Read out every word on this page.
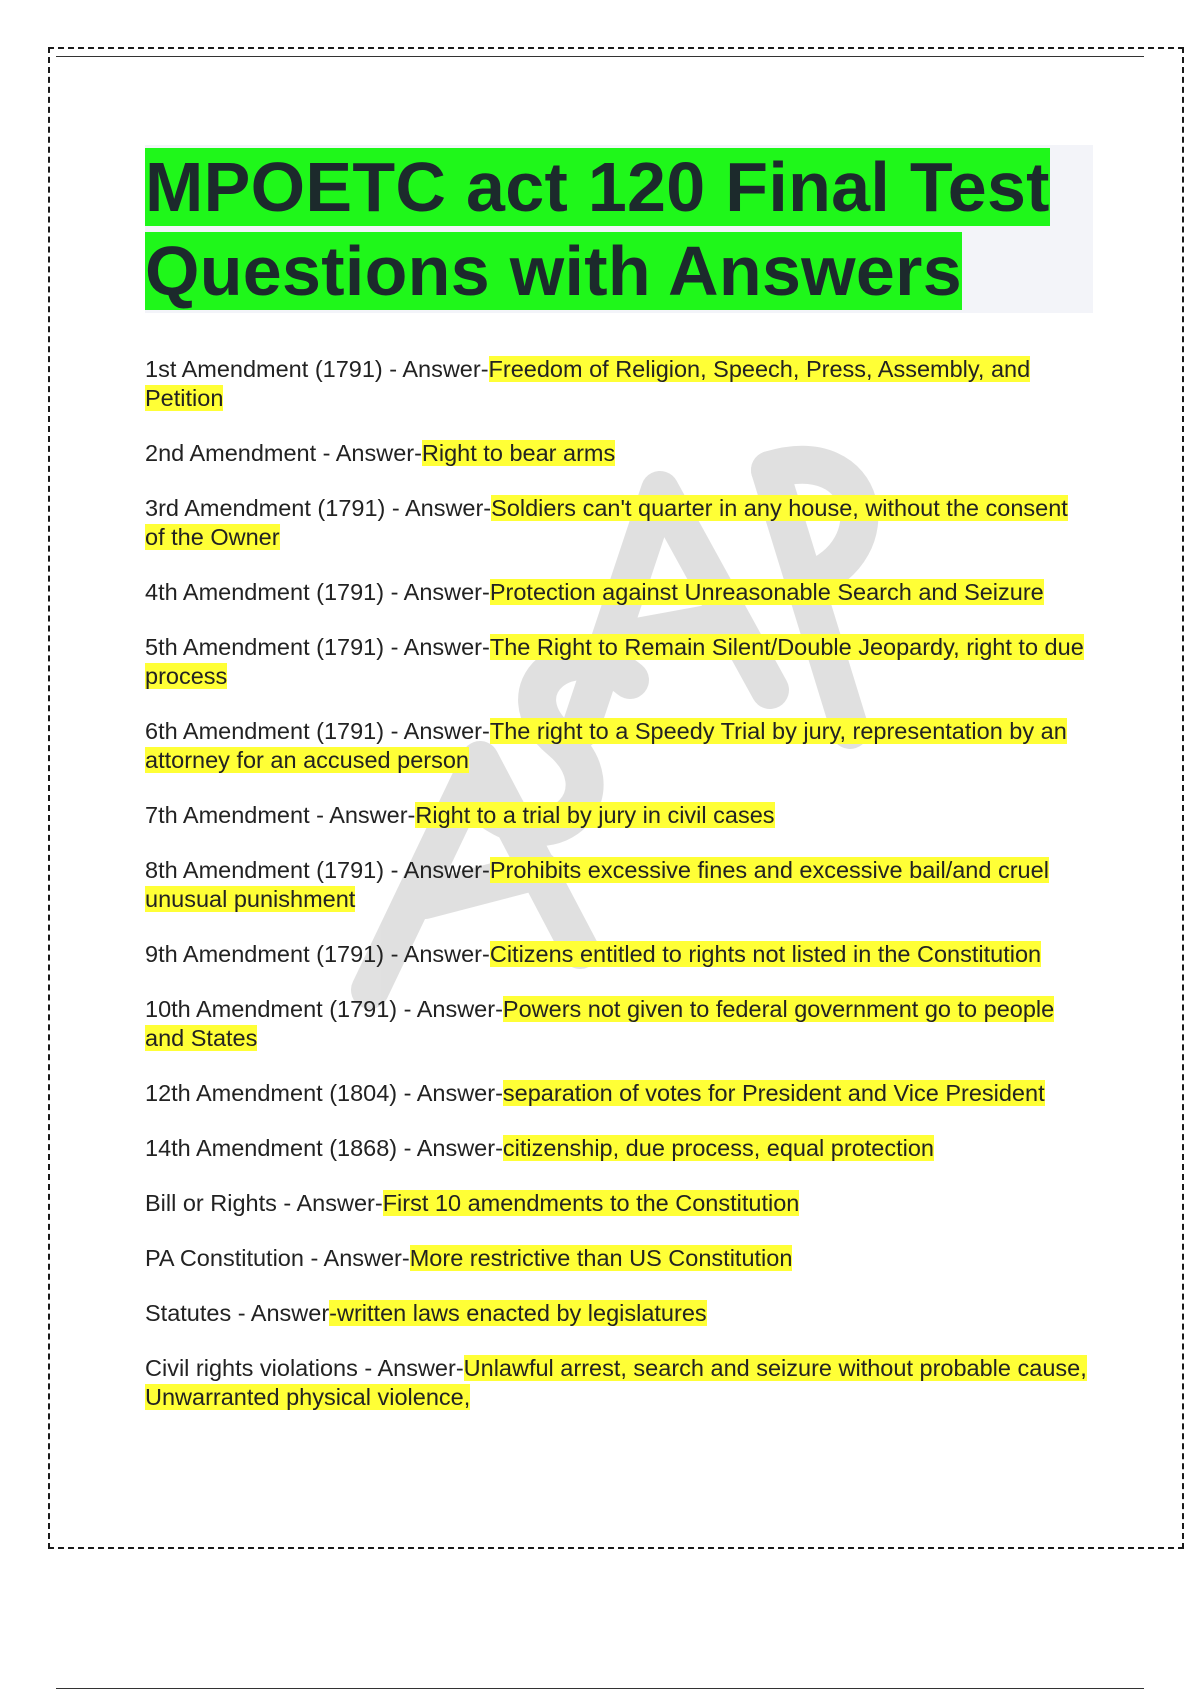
ASAP
MPOETC act 120 Final Test
Questions with Answers
1st Amendment (1791) - Answer-Freedom of Religion, Speech, Press, Assembly, and Petition
2nd Amendment - Answer-Right to bear arms
3rd Amendment (1791) - Answer-Soldiers can't quarter in any house, without the consent of the Owner
4th Amendment (1791) - Answer-Protection against Unreasonable Search and Seizure
5th Amendment (1791) - Answer-The Right to Remain Silent/Double Jeopardy, right to due process
6th Amendment (1791) - Answer-The right to a Speedy Trial by jury, representation by an attorney for an accused person
7th Amendment - Answer-Right to a trial by jury in civil cases
8th Amendment (1791) - Answer-Prohibits excessive fines and excessive bail/and cruel unusual punishment
9th Amendment (1791) - Answer-Citizens entitled to rights not listed in the Constitution
10th Amendment (1791) - Answer-Powers not given to federal government go to people and States
12th Amendment (1804) - Answer-separation of votes for President and Vice President
14th Amendment (1868) - Answer-citizenship, due process, equal protection
Bill or Rights - Answer-First 10 amendments to the Constitution
PA Constitution - Answer-More restrictive than US Constitution
Statutes - Answer-written laws enacted by legislatures
Civil rights violations - Answer-Unlawful arrest, search and seizure without probable cause,
Unwarranted physical violence,
